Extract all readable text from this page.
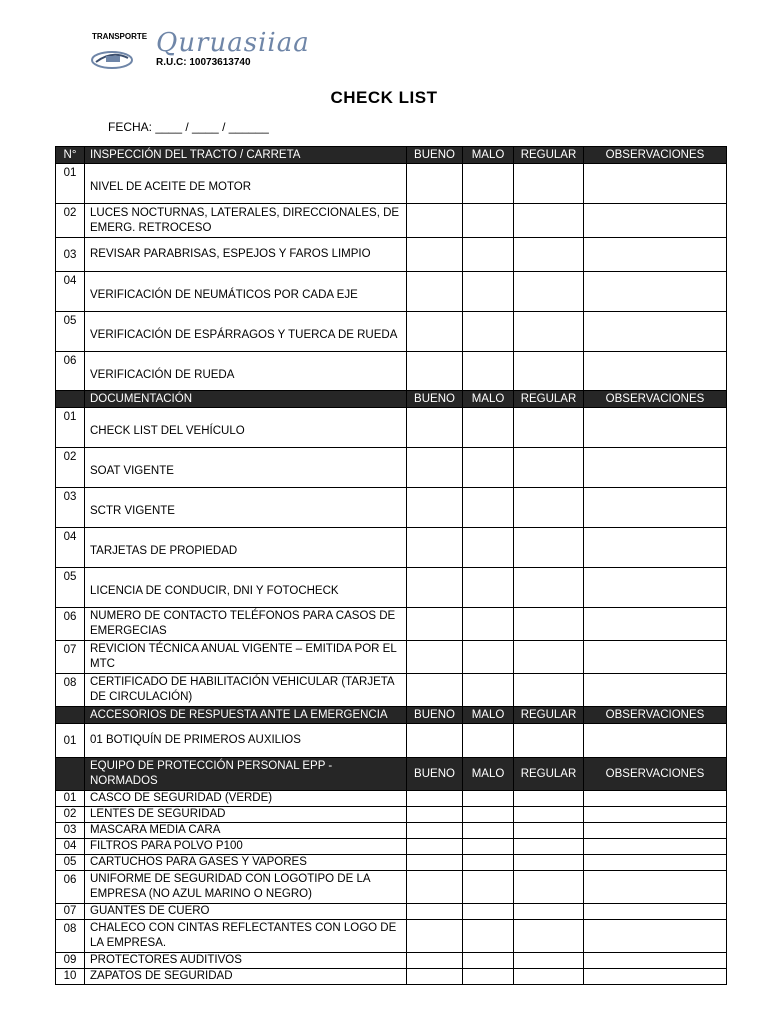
TRANSPORTE Quruasiiaa
R.U.C: 10073613740
CHECK LIST
FECHA: ____ / ____ / ______
N°	INSPECCIÓN DEL TRACTO / CARRETA	BUENO	MALO	REGULAR	OBSERVACIONES
01	NIVEL DE ACEITE DE MOTOR				
02	LUCES NOCTURNAS, LATERALES, DIRECCIONALES, DE EMERG. RETROCESO				
03	REVISAR PARABRISAS, ESPEJOS Y FAROS LIMPIO				
04	VERIFICACIÓN DE NEUMÁTICOS POR CADA EJE				
05	VERIFICACIÓN DE ESPÁRRAGOS Y TUERCA DE RUEDA				
06	VERIFICACIÓN DE RUEDA				
	DOCUMENTACIÓN	BUENO	MALO	REGULAR	OBSERVACIONES
01	CHECK LIST DEL VEHÍCULO				
02	SOAT VIGENTE				
03	SCTR VIGENTE				
04	TARJETAS DE PROPIEDAD				
05	LICENCIA DE CONDUCIR, DNI Y FOTOCHECK				
06	NUMERO DE CONTACTO TELÉFONOS PARA CASOS DE EMERGECIAS				
07	REVICION TÉCNICA ANUAL VIGENTE – EMITIDA POR EL MTC				
08	CERTIFICADO DE HABILITACIÓN VEHICULAR (TARJETA DE CIRCULACIÓN)				
	ACCESORIOS DE RESPUESTA ANTE LA EMERGENCIA	BUENO	MALO	REGULAR	OBSERVACIONES
01	01 BOTIQUÍN DE PRIMEROS AUXILIOS				
	EQUIPO DE PROTECCIÓN PERSONAL EPP - NORMADOS	BUENO	MALO	REGULAR	OBSERVACIONES
01	CASCO DE SEGURIDAD (VERDE)				
02	LENTES DE SEGURIDAD				
03	MASCARA MEDIA CARA				
04	FILTROS PARA POLVO P100				
05	CARTUCHOS PARA GASES Y VAPORES				
06	UNIFORME DE SEGURIDAD CON LOGOTIPO DE LA EMPRESA (NO AZUL MARINO O NEGRO)				
07	GUANTES DE CUERO				
08	CHALECO CON CINTAS REFLECTANTES CON LOGO DE LA EMPRESA.				
09	PROTECTORES AUDITIVOS				
10	ZAPATOS DE SEGURIDAD				
